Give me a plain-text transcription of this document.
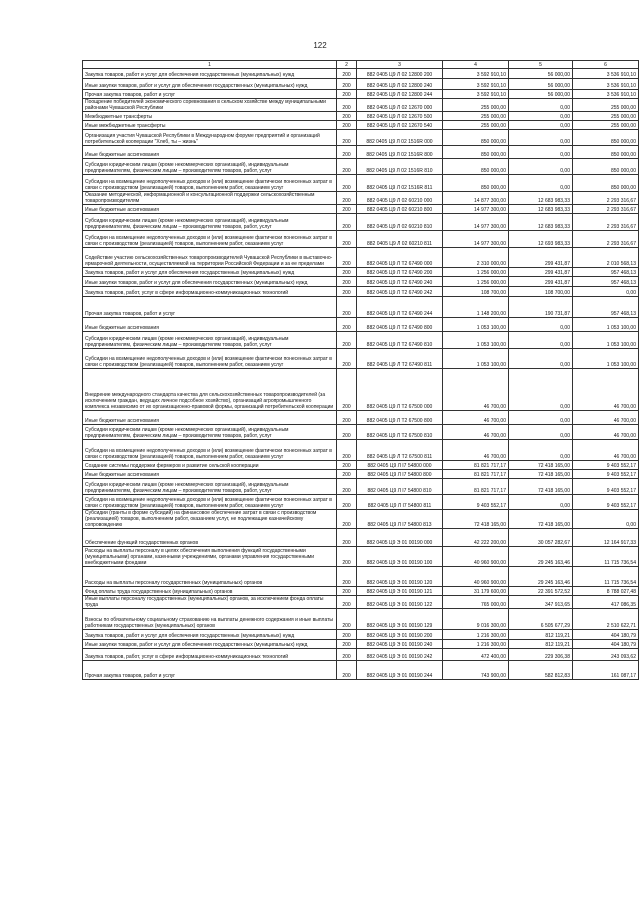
122
1	2	3	4	5	6
Закупка товаров, работ и услуг для обеспечения государственных (муниципальных) нужд	200	882 0405 Ц9 Л 02 12800 200	3 592 910,10	56 000,00	3 536 910,10
Иные закупки товаров, работ и услуг для обеспечения государственных (муниципальных) нужд	200	882 0405 Ц9 Л 02 12800 240	3 592 910,10	56 000,00	3 536 910,10
Прочая закупка товаров, работ и услуг	200	882 0405 Ц9 Л 02 12800 244	3 592 910,10	56 000,00	3 536 910,10
Поощрение победителей экономического соревнования в сельском хозяйстве между муниципальными районами Чувашской Республики	200	882 0405 Ц9 Л 02 12670 000	255 000,00	0,00	255 000,00
Межбюджетные трансферты	200	882 0405 Ц9 Л 02 12670 500	255 000,00	0,00	255 000,00
Иные межбюджетные трансферты	200	882 0405 Ц9 Л 02 12670 540	255 000,00	0,00	255 000,00
Организация участия Чувашской Республики в Международном форуме предприятий и организаций потребительской кооперации "Хлеб, ты – жизнь"	200	882 0405 Ц9 Л 02 1516R 000	850 000,00	0,00	850 000,00
Иные бюджетные ассигнования	200	882 0405 Ц9 Л 02 1516R 800	850 000,00	0,00	850 000,00
Субсидии юридическим лицам (кроме некоммерческих организаций), индивидуальным предпринимателям, физическим лицам – производителям товаров, работ, услуг	200	882 0405 Ц9 Л 02 1516R 810	850 000,00	0,00	850 000,00
Субсидии на возмещение недополученных доходов и (или) возмещение фактически понесенных затрат в связи с производством (реализацией) товаров, выполнением работ, оказанием услуг	200	882 0405 Ц9 Л 02 1516R 811	850 000,00	0,00	850 000,00
Оказание методической, информационной и консультационной поддержки сельскохозяйственным товаропроизводителям	200	882 0405 Ц9 Л 02 60210 000	14 877 300,00	12 683 983,33	2 293 316,67
Иные бюджетные ассигнования	200	882 0405 Ц9 Л 02 60210 800	14 977 300,00	12 683 983,33	2 293 316,67
Субсидии юридическим лицам (кроме некоммерческих организаций), индивидуальным предпринимателям, физическим лицам – производителям товаров, работ, услуг	200	882 0405 Ц9 Л 02 60210 810	14 977 300,00	12 683 983,33	2 293 316,67
Субсидии на возмещение недополученных доходов и (или) возмещение фактически понесенных затрат в связи с производством (реализацией) товаров, выполнением работ, оказанием услуг	200	882 0405 Ц9 Л 02 60210 811	14 977 300,00	12 693 983,33	2 293 316,67
Содействие участию сельскохозяйственных товаропроизводителей Чувашской Республики в выставочно-ярмарочной деятельности, осуществляемой на территории Российской Федерации и за ее пределами	200	882 0405 Ц9 Л Т2 67490 000	2 310 000,00	299 431,87	2 010 568,13
Закупка товаров, работ и услуг для обеспечения государственных (муниципальных) нужд	200	882 0405 Ц9 Л Т2 67490 200	1 256 000,00	299 431,87	957 468,13
Иные закупки товаров, работ и услуг для обеспечения государственных (муниципальных) нужд	200	882 0405 Ц9 Л Т2 67490 240	1 256 000,00	299 431,87	957 468,13
Закупка товаров, работ, услуг в сфере информационно-коммуникационных технологий	200	882 0405 Ц9 Л Т2 67490 242	108 700,00	108 700,00	0,00
Прочая закупка товаров, работ и услуг	200	882 0405 Ц9 Л Т2 67490 244	1 148 200,00	190 731,87	957 468,13
Иные бюджетные ассигнования	200	882 0405 Ц9 Л Т2 67490 800	1 053 100,00	0,00	1 053 100,00
Субсидии юридическим лицам (кроме некоммерческих организаций), индивидуальным предпринимателям, физическим лицам – производителям товаров, работ, услуг	200	882 0405 Ц9 Л Т2 67490 810	1 053 100,00	0,00	1 053 100,00
Субсидии на возмещение недополученных доходов и (или) возмещение фактически понесенных затрат в связи с производством (реализацией) товаров, выполнением работ, оказанием услуг	200	882 0405 Ц9 Л Т2 67490 811	1 053 100,00	0,00	1 053 100,00
Внедрение международного стандарта качества для сельскохозяйственных товаропроизводителей (за исключением граждан, ведущих личное подсобное хозяйство), организаций агропромышленного комплекса независимо от их организационно-правовой формы, организаций потребительской кооперации	200	882 0405 Ц9 Л Т2 67500 000	46 700,00	0,00	46 700,00
Иные бюджетные ассигнования	200	882 0405 Ц9 Л Т2 67500 800	46 700,00	0,00	46 700,00
Субсидии юридическим лицам (кроме некоммерческих организаций), индивидуальным предпринимателям, физическим лицам – производителям товаров, работ, услуг	200	882 0405 Ц9 Л Т2 67500 810	46 700,00	0,00	46 700,00
Субсидии на возмещение недополученных доходов и (или) возмещение фактически понесенных затрат в связи с производством (реализацией) товаров, выполнением работ, оказанием услуг	200	882 0405 Ц9 Л Т2 67500 811	46 700,00	0,00	46 700,00
Создание системы поддержки фермеров и развитие сельской кооперации	200	882 0405 Ц9 Л I7 54800 000	81 821 717,17	72 418 165,00	9 403 552,17
Иные бюджетные ассигнования	200	882 0405 Ц9 Л I7 54800 800	81 821 717,17	72 418 165,00	9 403 552,17
Субсидии юридическим лицам (кроме некоммерческих организаций), индивидуальным предпринимателям, физическим лицам – производителям товаров, работ, услуг	200	882 0405 Ц9 Л I7 54800 810	81 821 717,17	72 418 165,00	9 403 552,17
Субсидии на возмещение недополученных доходов и (или) возмещение фактически понесенных затрат в связи с производством (реализацией) товаров, выполнением работ, оказанием услуг	200	882 0405 Ц9 Л I7 54800 811	9 403 552,17	0,00	9 403 552,17
Субсидии (гранты в форме субсидий) на финансовое обеспечение затрат в связи с производством (реализацией) товаров, выполнением работ, оказанием услуг, не подлежащие казначейскому сопровождению	200	882 0405 Ц9 Л I7 54800 813	72 418 165,00	72 418 165,00	0,00
Обеспечение функций государственных органов	200	882 0405 Ц9 Э 01 00190 000	42 222 200,00	30 057 282,67	12 164 917,33
Расходы на выплаты персоналу в целях обеспечения выполнения функций государственными (муниципальными) органами, казенными учреждениями, органами управления государственными внебюджетными фондами	200	882 0405 Ц9 Э 01 00190 100	40 960 900,00	29 245 163,46	11 715 736,54
Расходы на выплаты персоналу государственных (муниципальных) органов	200	882 0405 Ц9 Э 01 00190 120	40 960 900,00	29 245 163,46	11 715 736,54
Фонд оплаты труда государственных (муниципальных) органов	200	882 0405 Ц9 Э 01 00190 121	31 179 600,00	22 391 572,52	8 788 027,48
Иные выплаты персоналу государственных (муниципальных) органов, за исключением фонда оплаты труда	200	882 0405 Ц9 Э 01 00190 122	765 000,00	347 913,65	417 086,35
Взносы по обязательному социальному страхованию на выплаты денежного содержания и иные выплаты работникам государственных (муниципальных) органов	200	882 0405 Ц9 Э 01 00190 129	9 016 300,00	6 505 677,29	2 510 622,71
Закупка товаров, работ и услуг для обеспечения государственных (муниципальных) нужд	200	882 0405 Ц9 Э 01 00190 200	1 216 300,00	812 119,21	404 180,79
Иные закупки товаров, работ и услуг для обеспечения государственных (муниципальных) нужд	200	882 0405 Ц9 Э 01 00190 240	1 216 300,00	812 119,21	404 180,79
Закупка товаров, работ, услуг в сфере информационно-коммуникационных технологий	200	882 0405 Ц9 Э 01 00190 242	472 400,00	229 306,38	243 093,62
Прочая закупка товаров, работ и услуг	200	882 0405 Ц9 Э 01 00190 244	743 900,00	582 812,83	161 087,17
